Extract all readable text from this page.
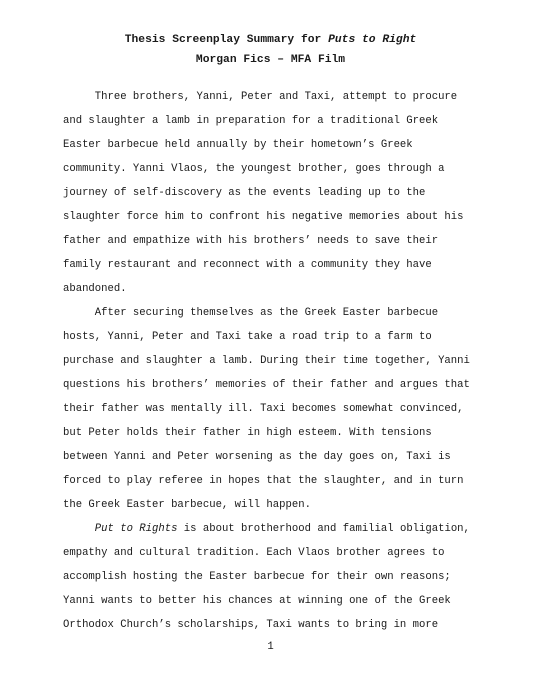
Thesis Screenplay Summary for Puts to Right
Morgan Fics – MFA Film
Three brothers, Yanni, Peter and Taxi, attempt to procure
and slaughter a lamb in preparation for a traditional Greek
Easter barbecue held annually by their hometown’s Greek
community. Yanni Vlaos, the youngest brother, goes through a
journey of self-discovery as the events leading up to the
slaughter force him to confront his negative memories about his
father and empathize with his brothers’ needs to save their
family restaurant and reconnect with a community they have
abandoned.
After securing themselves as the Greek Easter barbecue
hosts, Yanni, Peter and Taxi take a road trip to a farm to
purchase and slaughter a lamb. During their time together, Yanni
questions his brothers’ memories of their father and argues that
their father was mentally ill. Taxi becomes somewhat convinced,
but Peter holds their father in high esteem. With tensions
between Yanni and Peter worsening as the day goes on, Taxi is
forced to play referee in hopes that the slaughter, and in turn
the Greek Easter barbecue, will happen.
Put to Rights is about brotherhood and familial obligation,
empathy and cultural tradition. Each Vlaos brother agrees to
accomplish hosting the Easter barbecue for their own reasons;
Yanni wants to better his chances at winning one of the Greek
Orthodox Church’s scholarships, Taxi wants to bring in more
1
